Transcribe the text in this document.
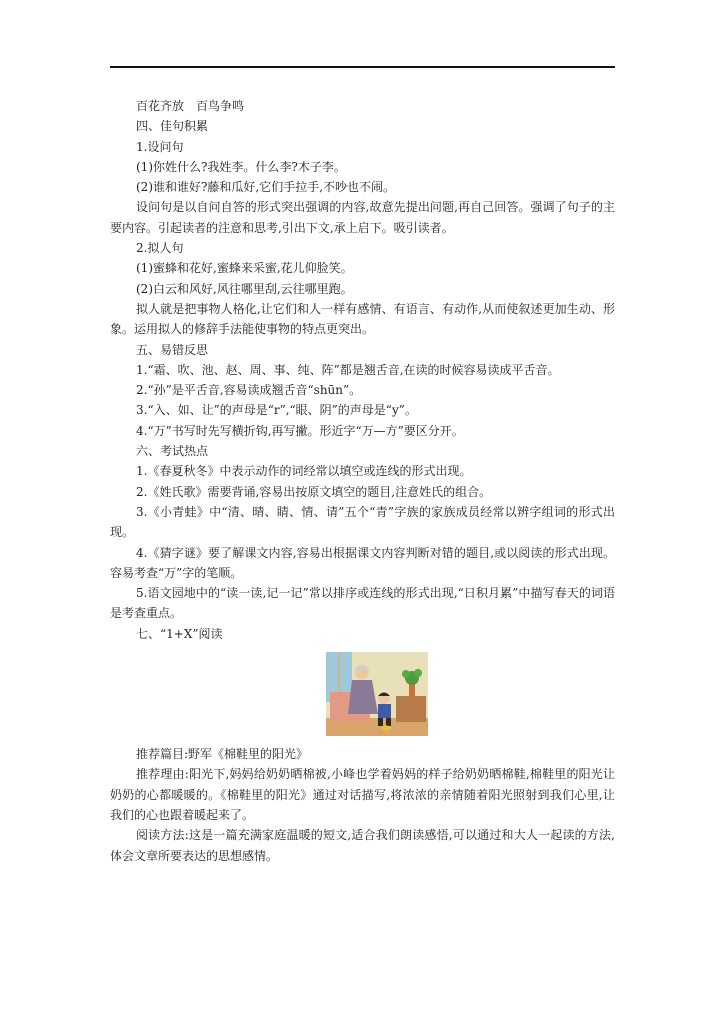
百花齐放　百鸟争鸣
四、佳句积累
1.设问句
(1)你姓什么?我姓李。什么李?木子李。
(2)谁和谁好?藤和瓜好,它们手拉手,不吵也不闹。
设问句是以自问自答的形式突出强调的内容,故意先提出问题,再自己回答。强调了句子的主要内容。引起读者的注意和思考,引出下文,承上启下。吸引读者。
2.拟人句
(1)蜜蜂和花好,蜜蜂来采蜜,花儿仰脸笑。
(2)白云和风好,风往哪里刮,云往哪里跑。
拟人就是把事物人格化,让它们和人一样有感情、有语言、有动作,从而使叙述更加生动、形象。运用拟人的修辞手法能使事物的特点更突出。
五、易错反思
1.“霜、吹、池、赵、周、事、纯、阵”都是翘舌音,在读的时候容易读成平舌音。
2.“孙”是平舌音,容易读成翘舌音“shūn”。
3.“入、如、让”的声母是“r”,“眼、阴”的声母是“y”。
4.“万”书写时先写横折钩,再写撇。形近字“万—方”要区分开。
六、考试热点
1.《春夏秋冬》中表示动作的词经常以填空或连线的形式出现。
2.《姓氏歌》需要背诵,容易出按原文填空的题目,注意姓氏的组合。
3.《小青蛙》中“清、晴、睛、情、请”五个“青”字族的家族成员经常以辨字组词的形式出现。
4.《猜字谜》要了解课文内容,容易出根据课文内容判断对错的题目,或以阅读的形式出现。容易考查“万”字的笔顺。
5.语文园地中的“读一读,记一记”常以排序或连线的形式出现,“日积月累”中描写春天的词语是考查重点。
七、“1+X”阅读
推荐篇目:野军《棉鞋里的阳光》
推荐理由:阳光下,妈妈给奶奶晒棉被,小峰也学着妈妈的样子给奶奶晒棉鞋,棉鞋里的阳光让奶奶的心都暖暖的。《棉鞋里的阳光》通过对话描写,将浓浓的亲情随着阳光照射到我们心里,让我们的心也跟着暖起来了。
阅读方法:这是一篇充满家庭温暖的短文,适合我们朗读感悟,可以通过和大人一起读的方法,体会文章所要表达的思想感情。
